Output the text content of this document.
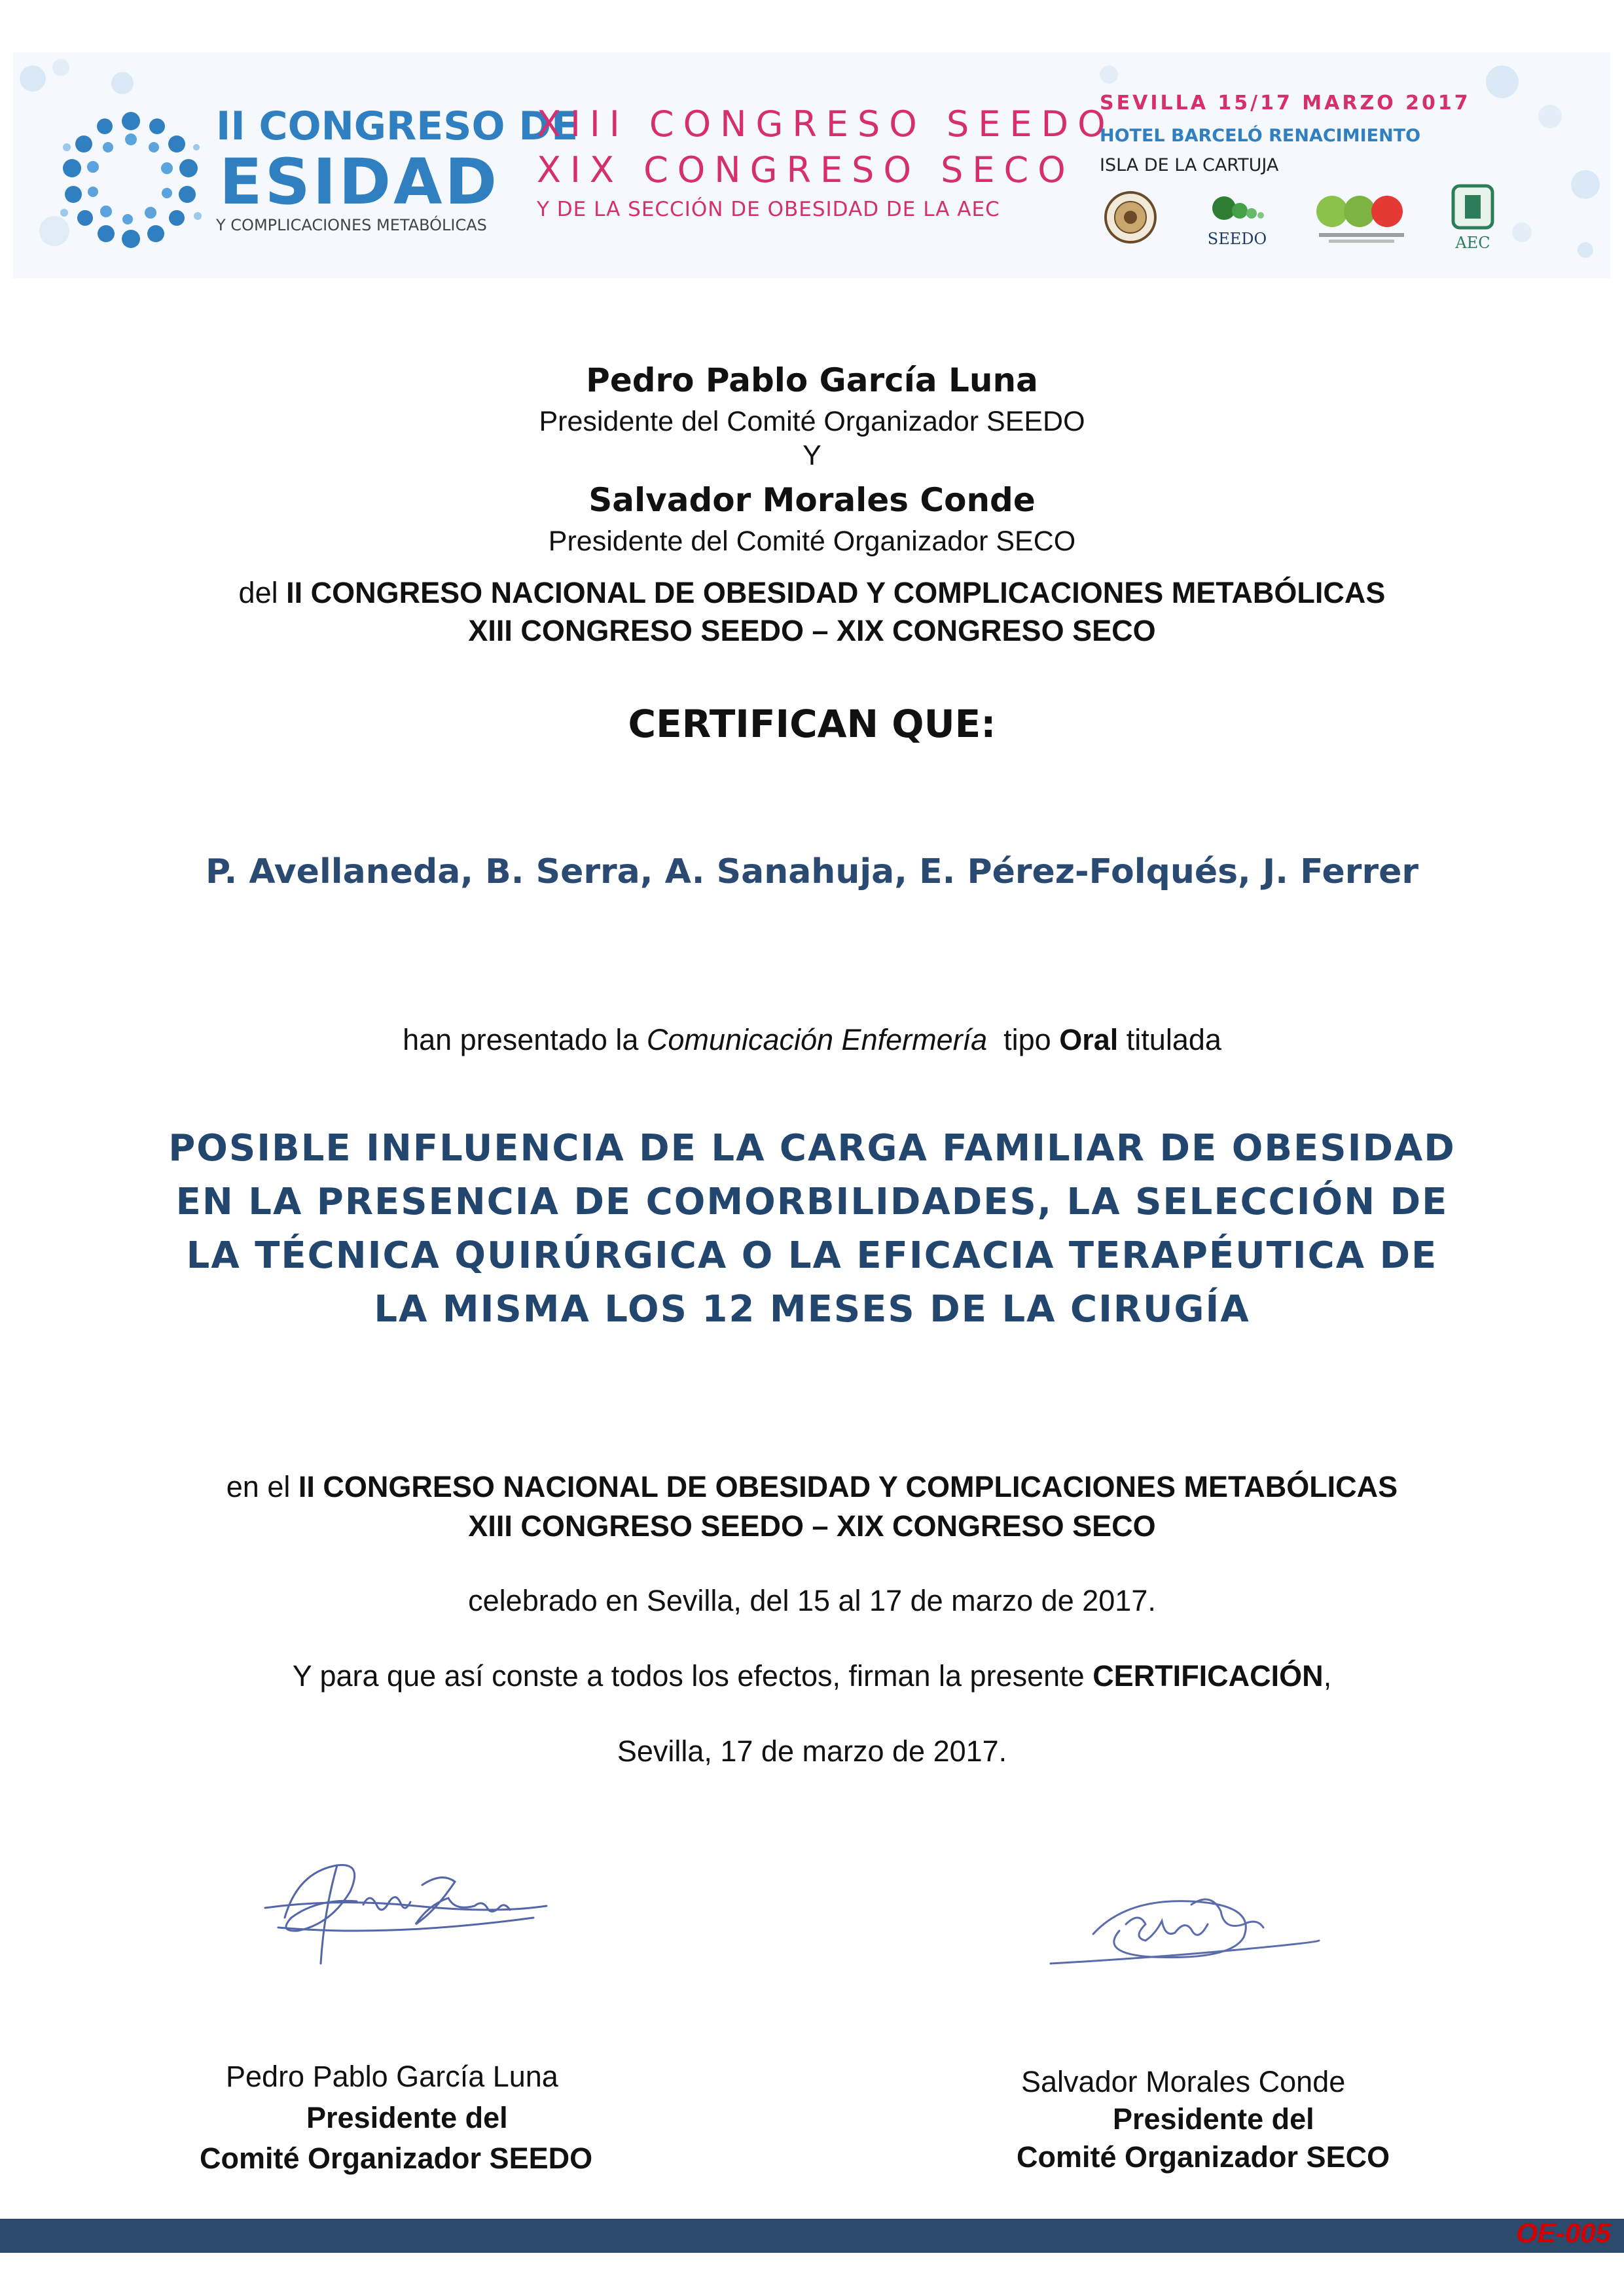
II CONGRESO DE
ESIDAD
Y COMPLICACIONES METABÓLICAS
XIII CONGRESO SEEDO
XIX CONGRESO SECO
Y DE LA SECCIÓN DE OBESIDAD DE LA AEC
SEVILLA 15/17 MARZO 2017
HOTEL BARCELÓ RENACIMIENTO
ISLA DE LA CARTUJA
SEEDO	AEC
Pedro Pablo García Luna
Presidente del Comité Organizador SEEDO
Y
Salvador Morales Conde
Presidente del Comité Organizador SECO
del II CONGRESO NACIONAL DE OBESIDAD Y COMPLICACIONES METABÓLICAS
XIII CONGRESO SEEDO – XIX CONGRESO SECO
CERTIFICAN QUE:
P. Avellaneda, B. Serra, A. Sanahuja, E. Pérez-Folqués, J. Ferrer
han presentado la Comunicación Enfermería tipo Oral titulada
POSIBLE INFLUENCIA DE LA CARGA FAMILIAR DE OBESIDAD
EN LA PRESENCIA DE COMORBILIDADES, LA SELECCIÓN DE
LA TÉCNICA QUIRÚRGICA O LA EFICACIA TERAPÉUTICA DE
LA MISMA LOS 12 MESES DE LA CIRUGÍA
en el II CONGRESO NACIONAL DE OBESIDAD Y COMPLICACIONES METABÓLICAS
XIII CONGRESO SEEDO – XIX CONGRESO SECO
celebrado en Sevilla, del 15 al 17 de marzo de 2017.
Y para que así conste a todos los efectos, firman la presente CERTIFICACIÓN,
Sevilla, 17 de marzo de 2017.
Pedro Pablo García Luna
Presidente del
Comité Organizador SEEDO
Salvador Morales Conde
Presidente del
Comité Organizador SECO
OE-005
